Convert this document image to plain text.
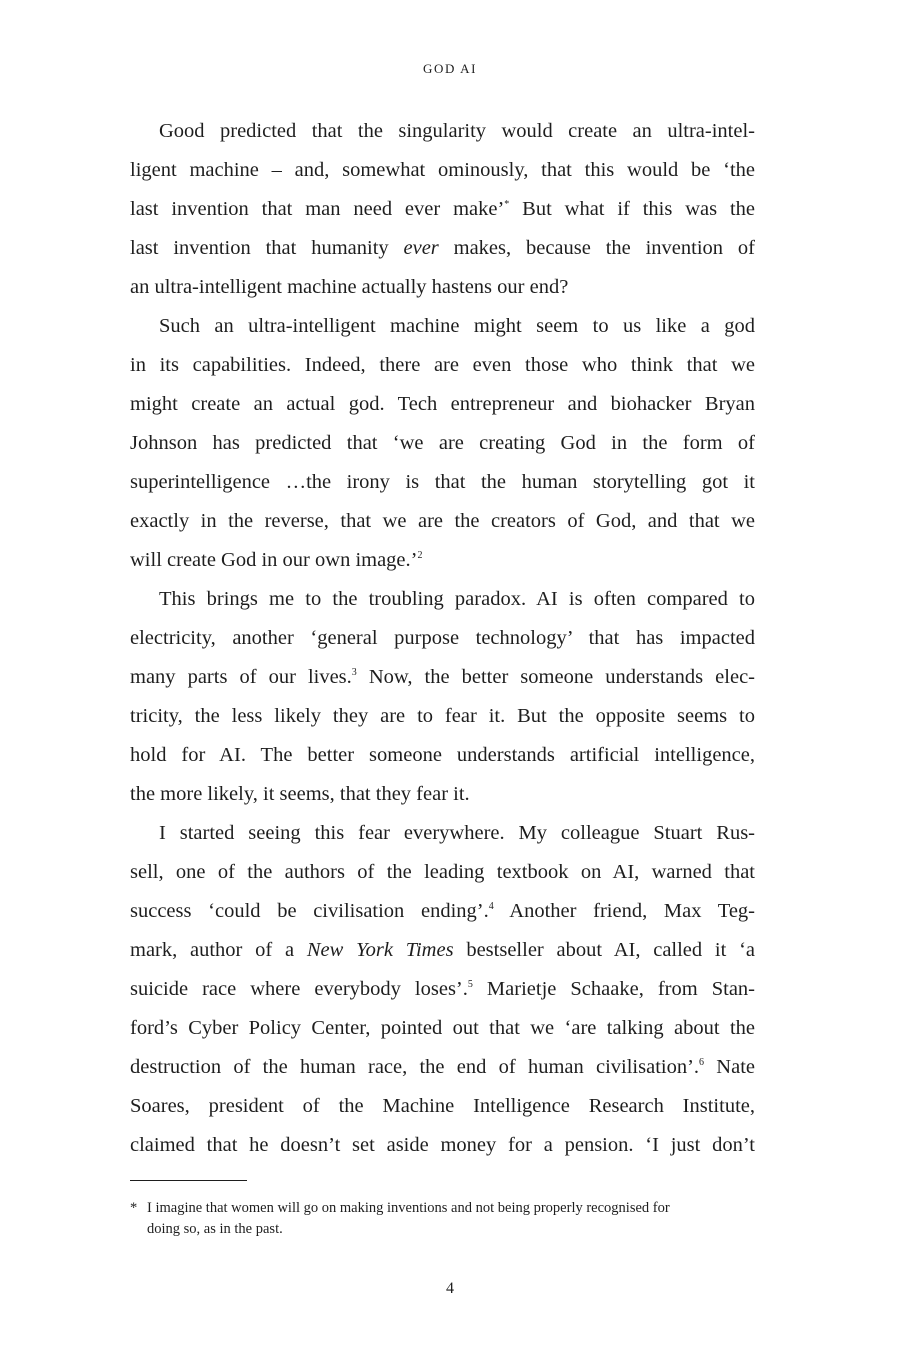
GOD AI
Good predicted that the singularity would create an ultra-intel-
ligent machine – and, somewhat ominously, that this would be ‘the
last invention that man need ever make’* But what if this was the
last invention that humanity ever makes, because the invention of
an ultra-intelligent machine actually hastens our end?
Such an ultra-intelligent machine might seem to us like a god
in its capabilities. Indeed, there are even those who think that we
might create an actual god. Tech entrepreneur and biohacker Bryan
Johnson has predicted that ‘we are creating God in the form of
superintelligence …the irony is that the human storytelling got it
exactly in the reverse, that we are the creators of God, and that we
will create God in our own image.’$^2$
This brings me to the troubling paradox. AI is often compared to
electricity, another ‘general purpose technology’ that has impacted
many parts of our lives.$^3$ Now, the better someone understands elec-
tricity, the less likely they are to fear it. But the opposite seems to
hold for AI. The better someone understands artificial intelligence,
the more likely, it seems, that they fear it.
I started seeing this fear everywhere. My colleague Stuart Rus-
sell, one of the authors of the leading textbook on AI, warned that
success ‘could be civilisation ending’.$^4$ Another friend, Max Teg-
mark, author of a New York Times bestseller about AI, called it ‘a
suicide race where everybody loses’.$^5$ Marietje Schaake, from Stan-
ford’s Cyber Policy Center, pointed out that we ‘are talking about the
destruction of the human race, the end of human civilisation’.$^6$ Nate
Soares, president of the Machine Intelligence Research Institute,
claimed that he doesn’t set aside money for a pension. ‘I just don’t
* I imagine that women will go on making inventions and not being properly recognised for
doing so, as in the past.
4
